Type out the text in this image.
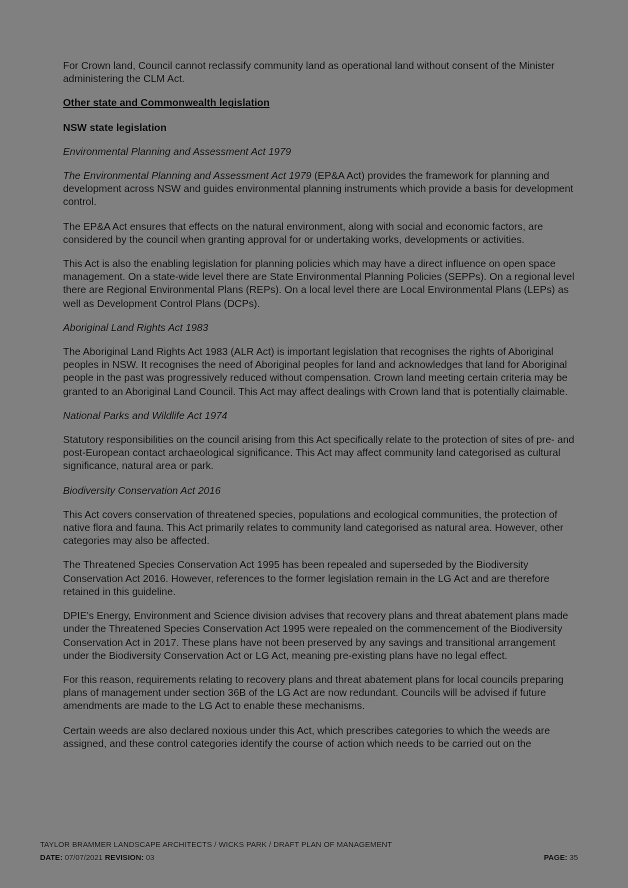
For Crown land, Council cannot reclassify community land as operational land without consent of the Minister administering the CLM Act.

Other state and Commonwealth legislation

NSW state legislation

Environmental Planning and Assessment Act 1979

The Environmental Planning and Assessment Act 1979 (EP&A Act) provides the framework for planning and development across NSW and guides environmental planning instruments which provide a basis for development control.

The EP&A Act ensures that effects on the natural environment, along with social and economic factors, are considered by the council when granting approval for or undertaking works, developments or activities.

This Act is also the enabling legislation for planning policies which may have a direct influence on open space management. On a state-wide level there are State Environmental Planning Policies (SEPPs). On a regional level there are Regional Environmental Plans (REPs). On a local level there are Local Environmental Plans (LEPs) as well as Development Control Plans (DCPs).

Aboriginal Land Rights Act 1983

The Aboriginal Land Rights Act 1983 (ALR Act) is important legislation that recognises the rights of Aboriginal peoples in NSW. It recognises the need of Aboriginal peoples for land and acknowledges that land for Aboriginal people in the past was progressively reduced without compensation. Crown land meeting certain criteria may be granted to an Aboriginal Land Council. This Act may affect dealings with Crown land that is potentially claimable.

National Parks and Wildlife Act 1974

Statutory responsibilities on the council arising from this Act specifically relate to the protection of sites of pre- and post-European contact archaeological significance. This Act may affect community land categorised as cultural significance, natural area or park.

Biodiversity Conservation Act 2016

This Act covers conservation of threatened species, populations and ecological communities, the protection of native flora and fauna. This Act primarily relates to community land categorised as natural area. However, other categories may also be affected.

The Threatened Species Conservation Act 1995 has been repealed and superseded by the Biodiversity Conservation Act 2016. However, references to the former legislation remain in the LG Act and are therefore retained in this guideline.

DPIE's Energy, Environment and Science division advises that recovery plans and threat abatement plans made under the Threatened Species Conservation Act 1995 were repealed on the commencement of the Biodiversity Conservation Act in 2017. These plans have not been preserved by any savings and transitional arrangement under the Biodiversity Conservation Act or LG Act, meaning pre-existing plans have no legal effect.

For this reason, requirements relating to recovery plans and threat abatement plans for local councils preparing plans of management under section 36B of the LG Act are now redundant. Councils will be advised if future amendments are made to the LG Act to enable these mechanisms.

Certain weeds are also declared noxious under this Act, which prescribes categories to which the weeds are assigned, and these control categories identify the course of action which needs to be carried out on the

TAYLOR BRAMMER LANDSCAPE ARCHITECTS / WICKS PARK / DRAFT PLAN OF MANAGEMENT
DATE: 07/07/2021 REVISION: 03	PAGE: 35
